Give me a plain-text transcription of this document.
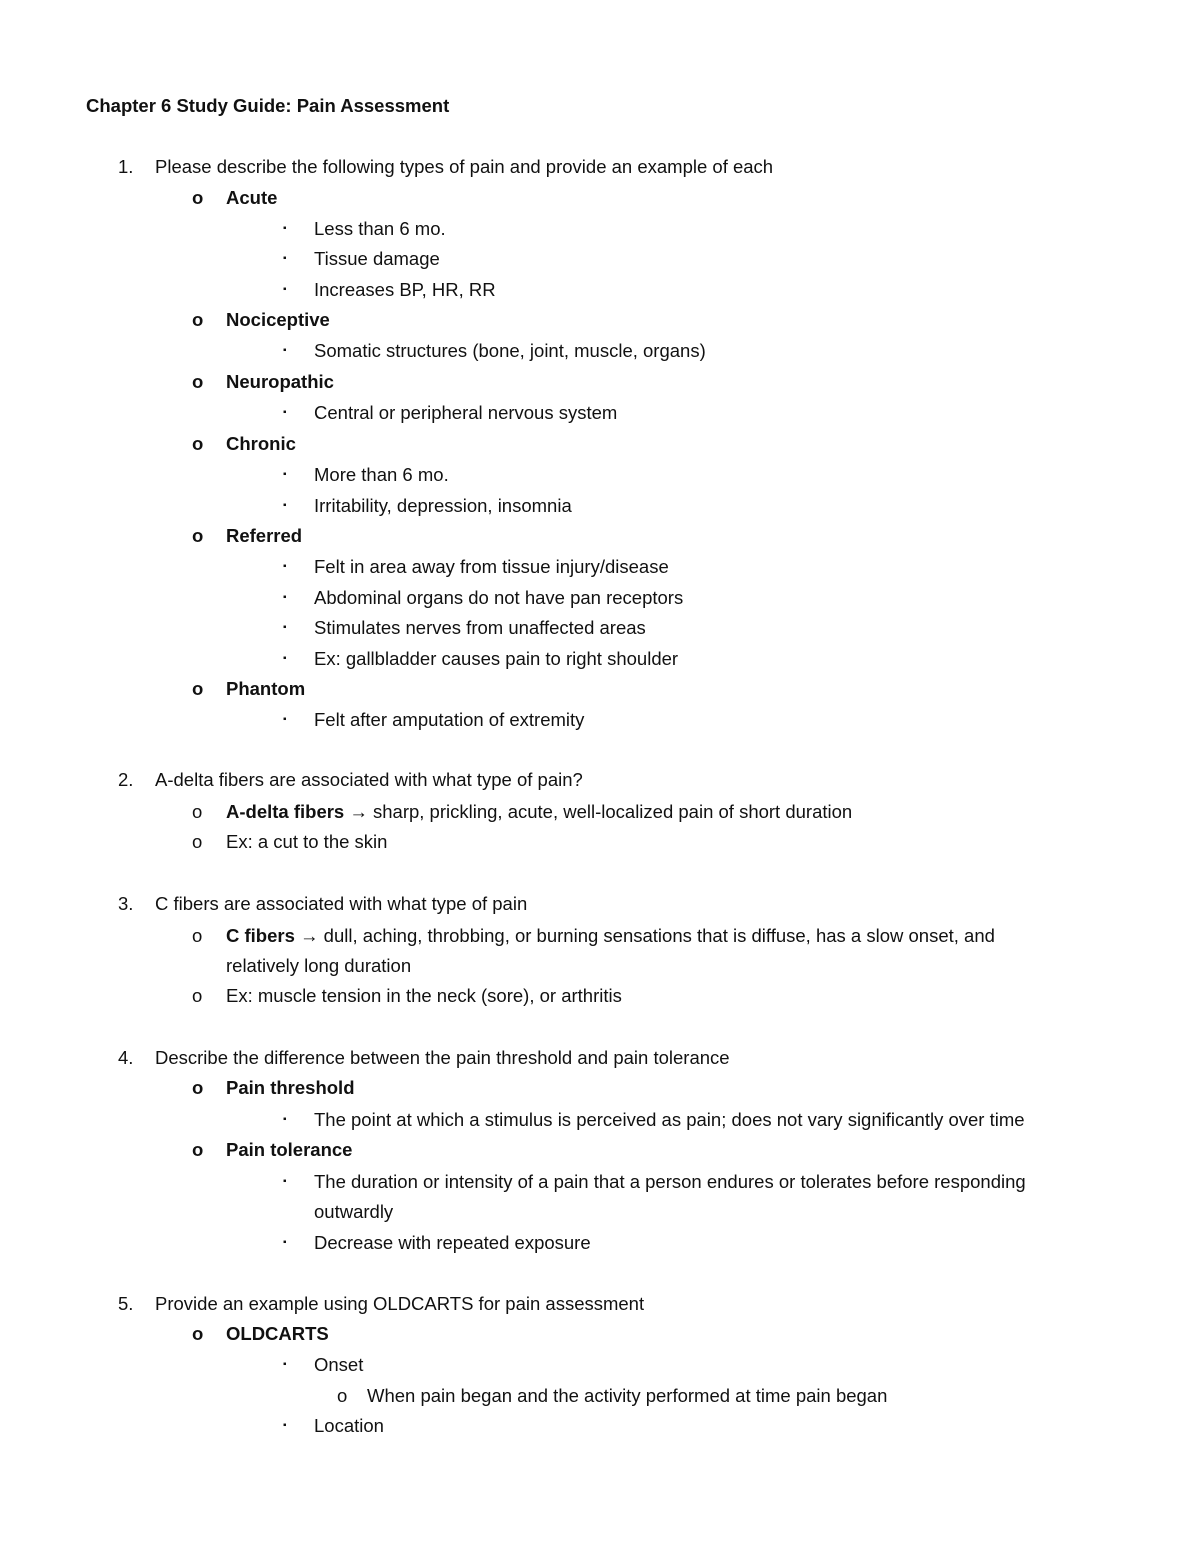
Chapter 6 Study Guide: Pain Assessment
1. Please describe the following types of pain and provide an example of each
o Acute
▪ Less than 6 mo.
▪ Tissue damage
▪ Increases BP, HR, RR
o Nociceptive
▪ Somatic structures (bone, joint, muscle, organs)
o Neuropathic
▪ Central or peripheral nervous system
o Chronic
▪ More than 6 mo.
▪ Irritability, depression, insomnia
o Referred
▪ Felt in area away from tissue injury/disease
▪ Abdominal organs do not have pan receptors
▪ Stimulates nerves from unaffected areas
▪ Ex: gallbladder causes pain to right shoulder
o Phantom
▪ Felt after amputation of extremity
2. A-delta fibers are associated with what type of pain?
o A-delta fibers → sharp, prickling, acute, well-localized pain of short duration
o Ex: a cut to the skin
3. C fibers are associated with what type of pain
o C fibers → dull, aching, throbbing, or burning sensations that is diffuse, has a slow onset, and
relatively long duration
o Ex: muscle tension in the neck (sore), or arthritis
4. Describe the difference between the pain threshold and pain tolerance
o Pain threshold
▪ The point at which a stimulus is perceived as pain; does not vary significantly over time
o Pain tolerance
▪ The duration or intensity of a pain that a person endures or tolerates before responding
outwardly
▪ Decrease with repeated exposure
5. Provide an example using OLDCARTS for pain assessment
o OLDCARTS
▪ Onset
o When pain began and the activity performed at time pain began
▪ Location
